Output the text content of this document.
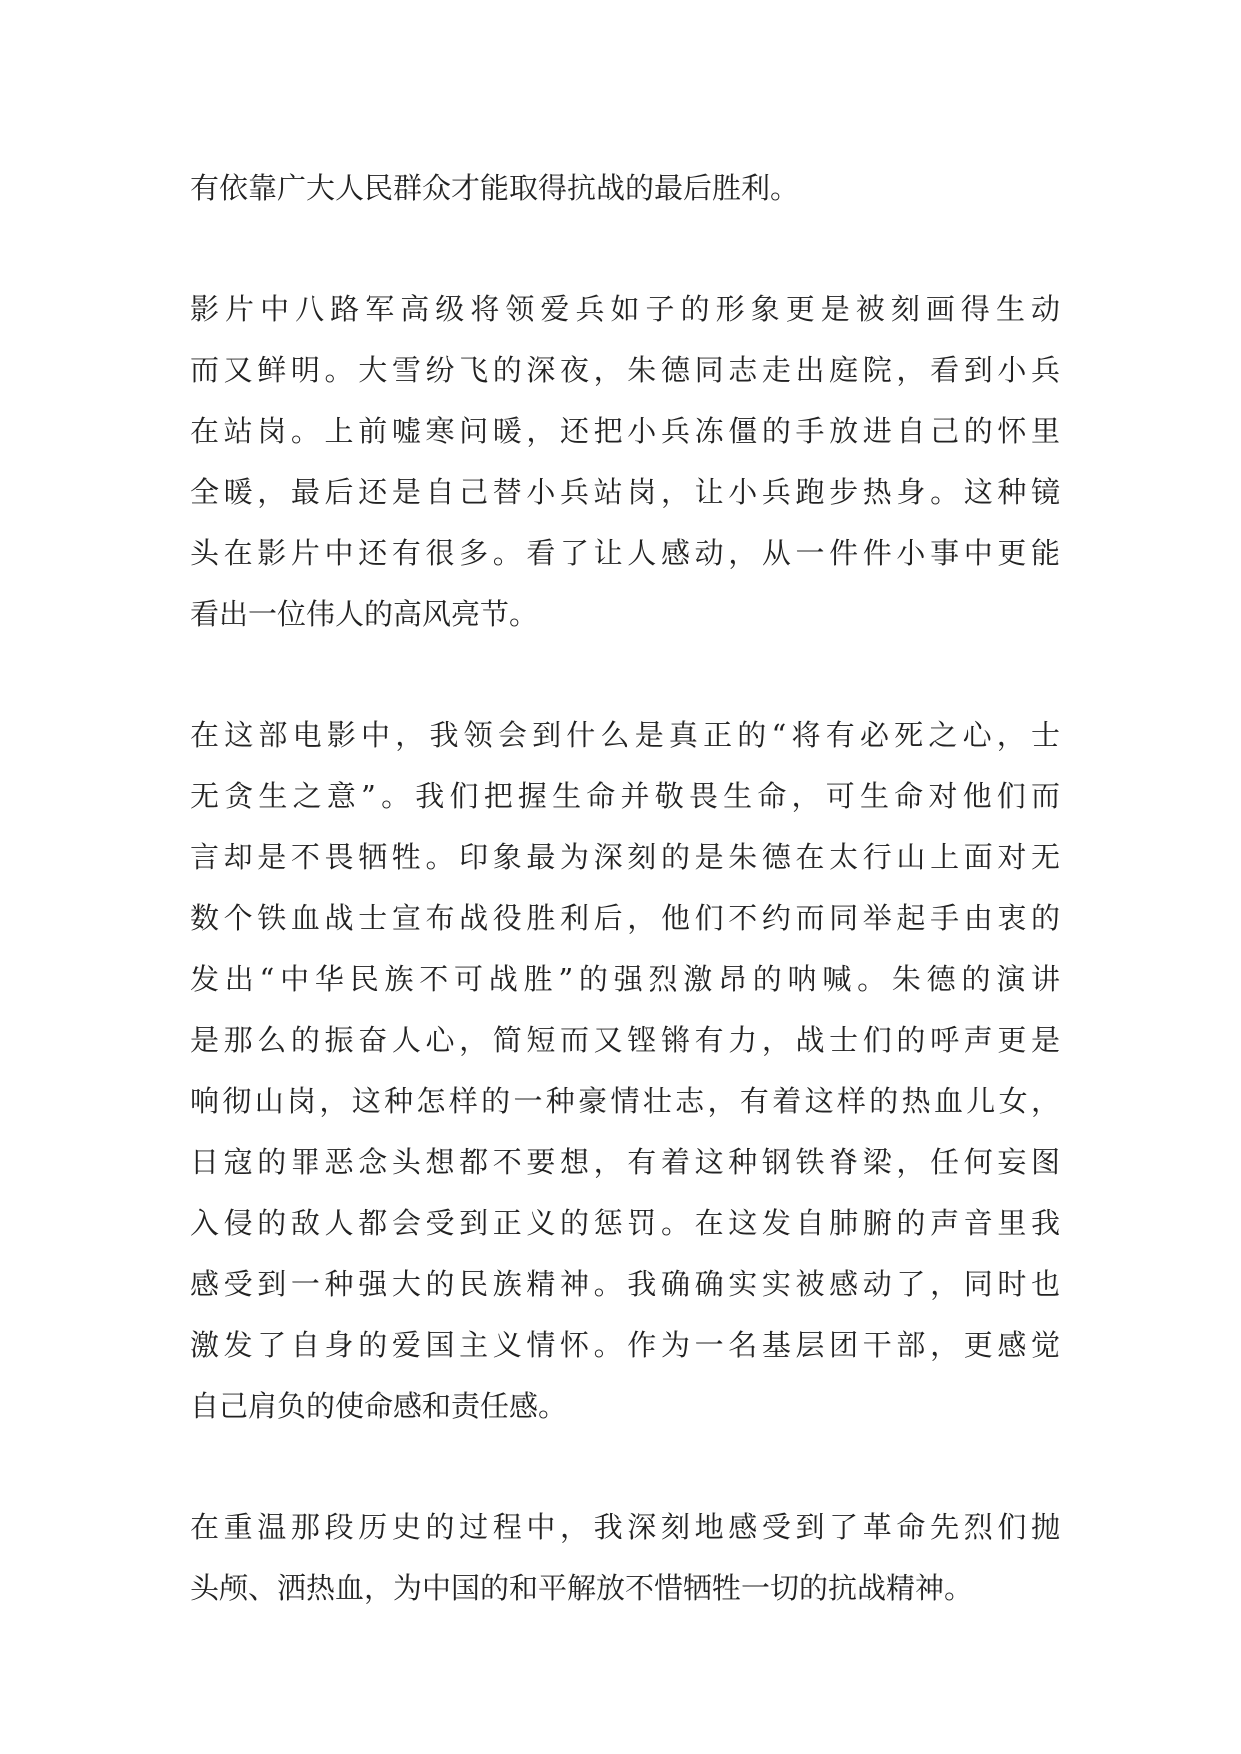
有依靠广大人民群众才能取得抗战的最后胜利。
影片中八路军高级将领爱兵如子的形象更是被刻画得生动
而又鲜明。大雪纷飞的深夜，朱德同志走出庭院，看到小兵
在站岗。上前嘘寒问暖，还把小兵冻僵的手放进自己的怀里
全暖，最后还是自己替小兵站岗，让小兵跑步热身。这种镜
头在影片中还有很多。看了让人感动，从一件件小事中更能
看出一位伟人的高风亮节。
在这部电影中，我领会到什么是真正的“将有必死之心，士
无贪生之意”。我们把握生命并敬畏生命，可生命对他们而
言却是不畏牺牲。印象最为深刻的是朱德在太行山上面对无
数个铁血战士宣布战役胜利后，他们不约而同举起手由衷的
发出“中华民族不可战胜”的强烈激昂的呐喊。朱德的演讲
是那么的振奋人心，简短而又铿锵有力，战士们的呼声更是
响彻山岗，这种怎样的一种豪情壮志，有着这样的热血儿女，
日寇的罪恶念头想都不要想，有着这种钢铁脊梁，任何妄图
入侵的敌人都会受到正义的惩罚。在这发自肺腑的声音里我
感受到一种强大的民族精神。我确确实实被感动了，同时也
激发了自身的爱国主义情怀。作为一名基层团干部，更感觉
自己肩负的使命感和责任感。
在重温那段历史的过程中，我深刻地感受到了革命先烈们抛
头颅、洒热血，为中国的和平解放不惜牺牲一切的抗战精神。
